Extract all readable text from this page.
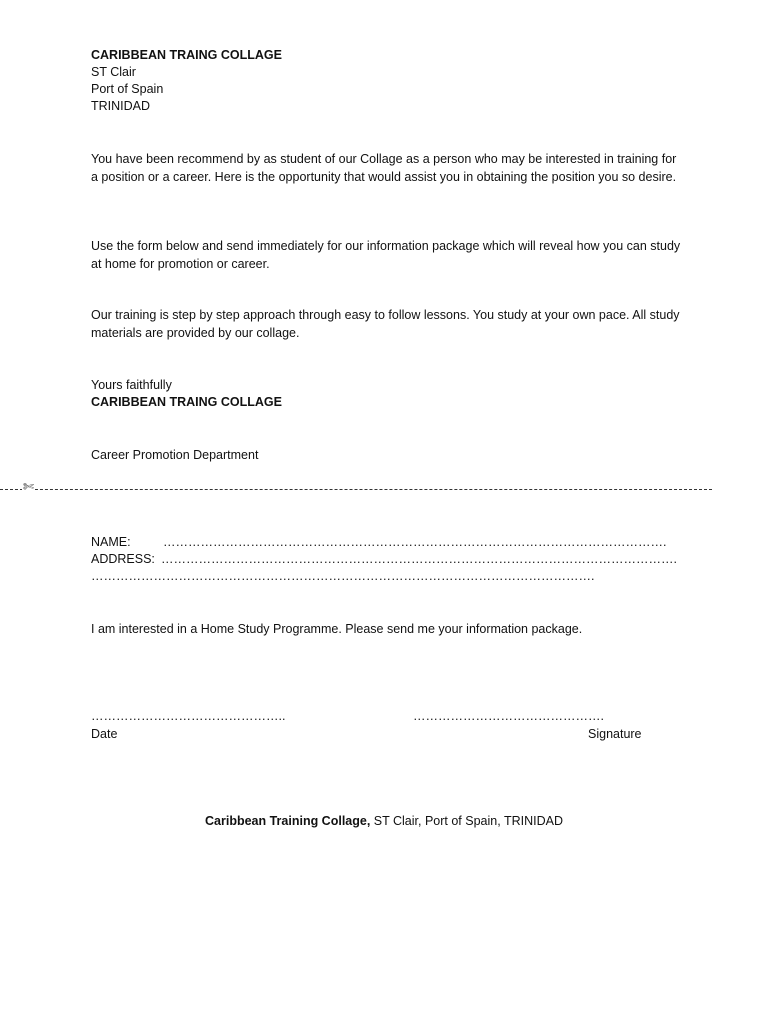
CARIBBEAN TRAING COLLAGE
ST Clair
Port of Spain
TRINIDAD
You have been recommend by as student of our Collage as a person who may be interested in training for a position or a career. Here is the opportunity that would assist you in obtaining the position you so desire.
Use the form below and send immediately for our information package which will reveal how you can study at home for promotion or career.
Our training is step by step approach through easy to follow lessons. You study at your own pace. All study materials are provided by our collage.
Yours faithfully
CARIBBEAN TRAING COLLAGE
Career Promotion Department
✄
NAME:	………………………………………………………………………………………………………….
ADDRESS: …………………………………………………………………………………………………………….
………………………………………………………………………………………………………….
I am interested in a Home Study Programme. Please send me your information package.
………………………………………..
Date
……………………………………….
Signature
Caribbean Training Collage, ST Clair, Port of Spain, TRINIDAD
